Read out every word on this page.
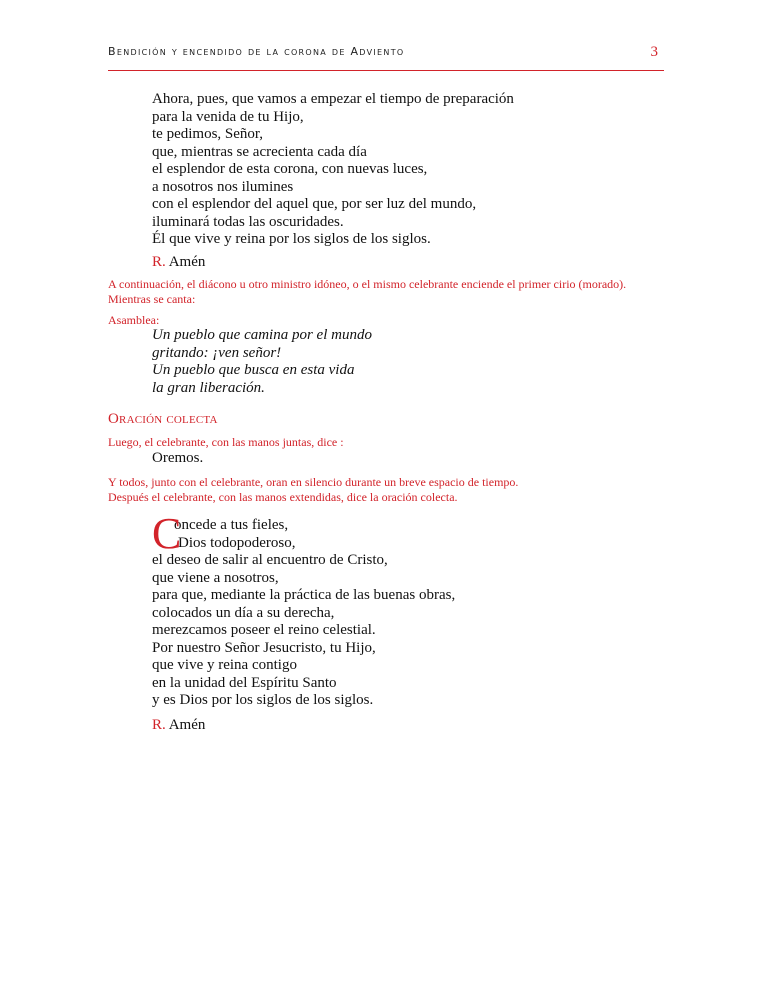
Bendición y encendido de la corona de Adviento	3
Ahora, pues, que vamos a empezar el tiempo de preparación
para la venida de tu Hijo,
te pedimos, Señor,
que, mientras se acrecienta cada día
el esplendor de esta corona, con nuevas luces,
a nosotros nos ilumines
con el esplendor del aquel que, por ser luz del mundo,
iluminará todas las oscuridades.
Él que vive y reina por los siglos de los siglos.
R. Amén
A continuación, el diácono u otro ministro idóneo, o el mismo celebrante enciende el primer cirio (morado).
Mientras se canta:
Asamblea:
Un pueblo que camina por el mundo
gritando: ¡ven señor!
Un pueblo que busca en esta vida
la gran liberación.
Oración colecta
Luego, el celebrante, con las manos juntas, dice :
Oremos.
Y todos, junto con el celebrante, oran en silencio durante un breve espacio de tiempo.
Después el celebrante, con las manos extendidas, dice la oración colecta.
C
oncede a tus fieles,
Dios todopoderoso,
el deseo de salir al encuentro de Cristo,
que viene a nosotros,
para que, mediante la práctica de las buenas obras,
colocados un día a su derecha,
merezcamos poseer el reino celestial.
Por nuestro Señor Jesucristo, tu Hijo,
que vive y reina contigo
en la unidad del Espíritu Santo
y es Dios por los siglos de los siglos.
R. Amén
